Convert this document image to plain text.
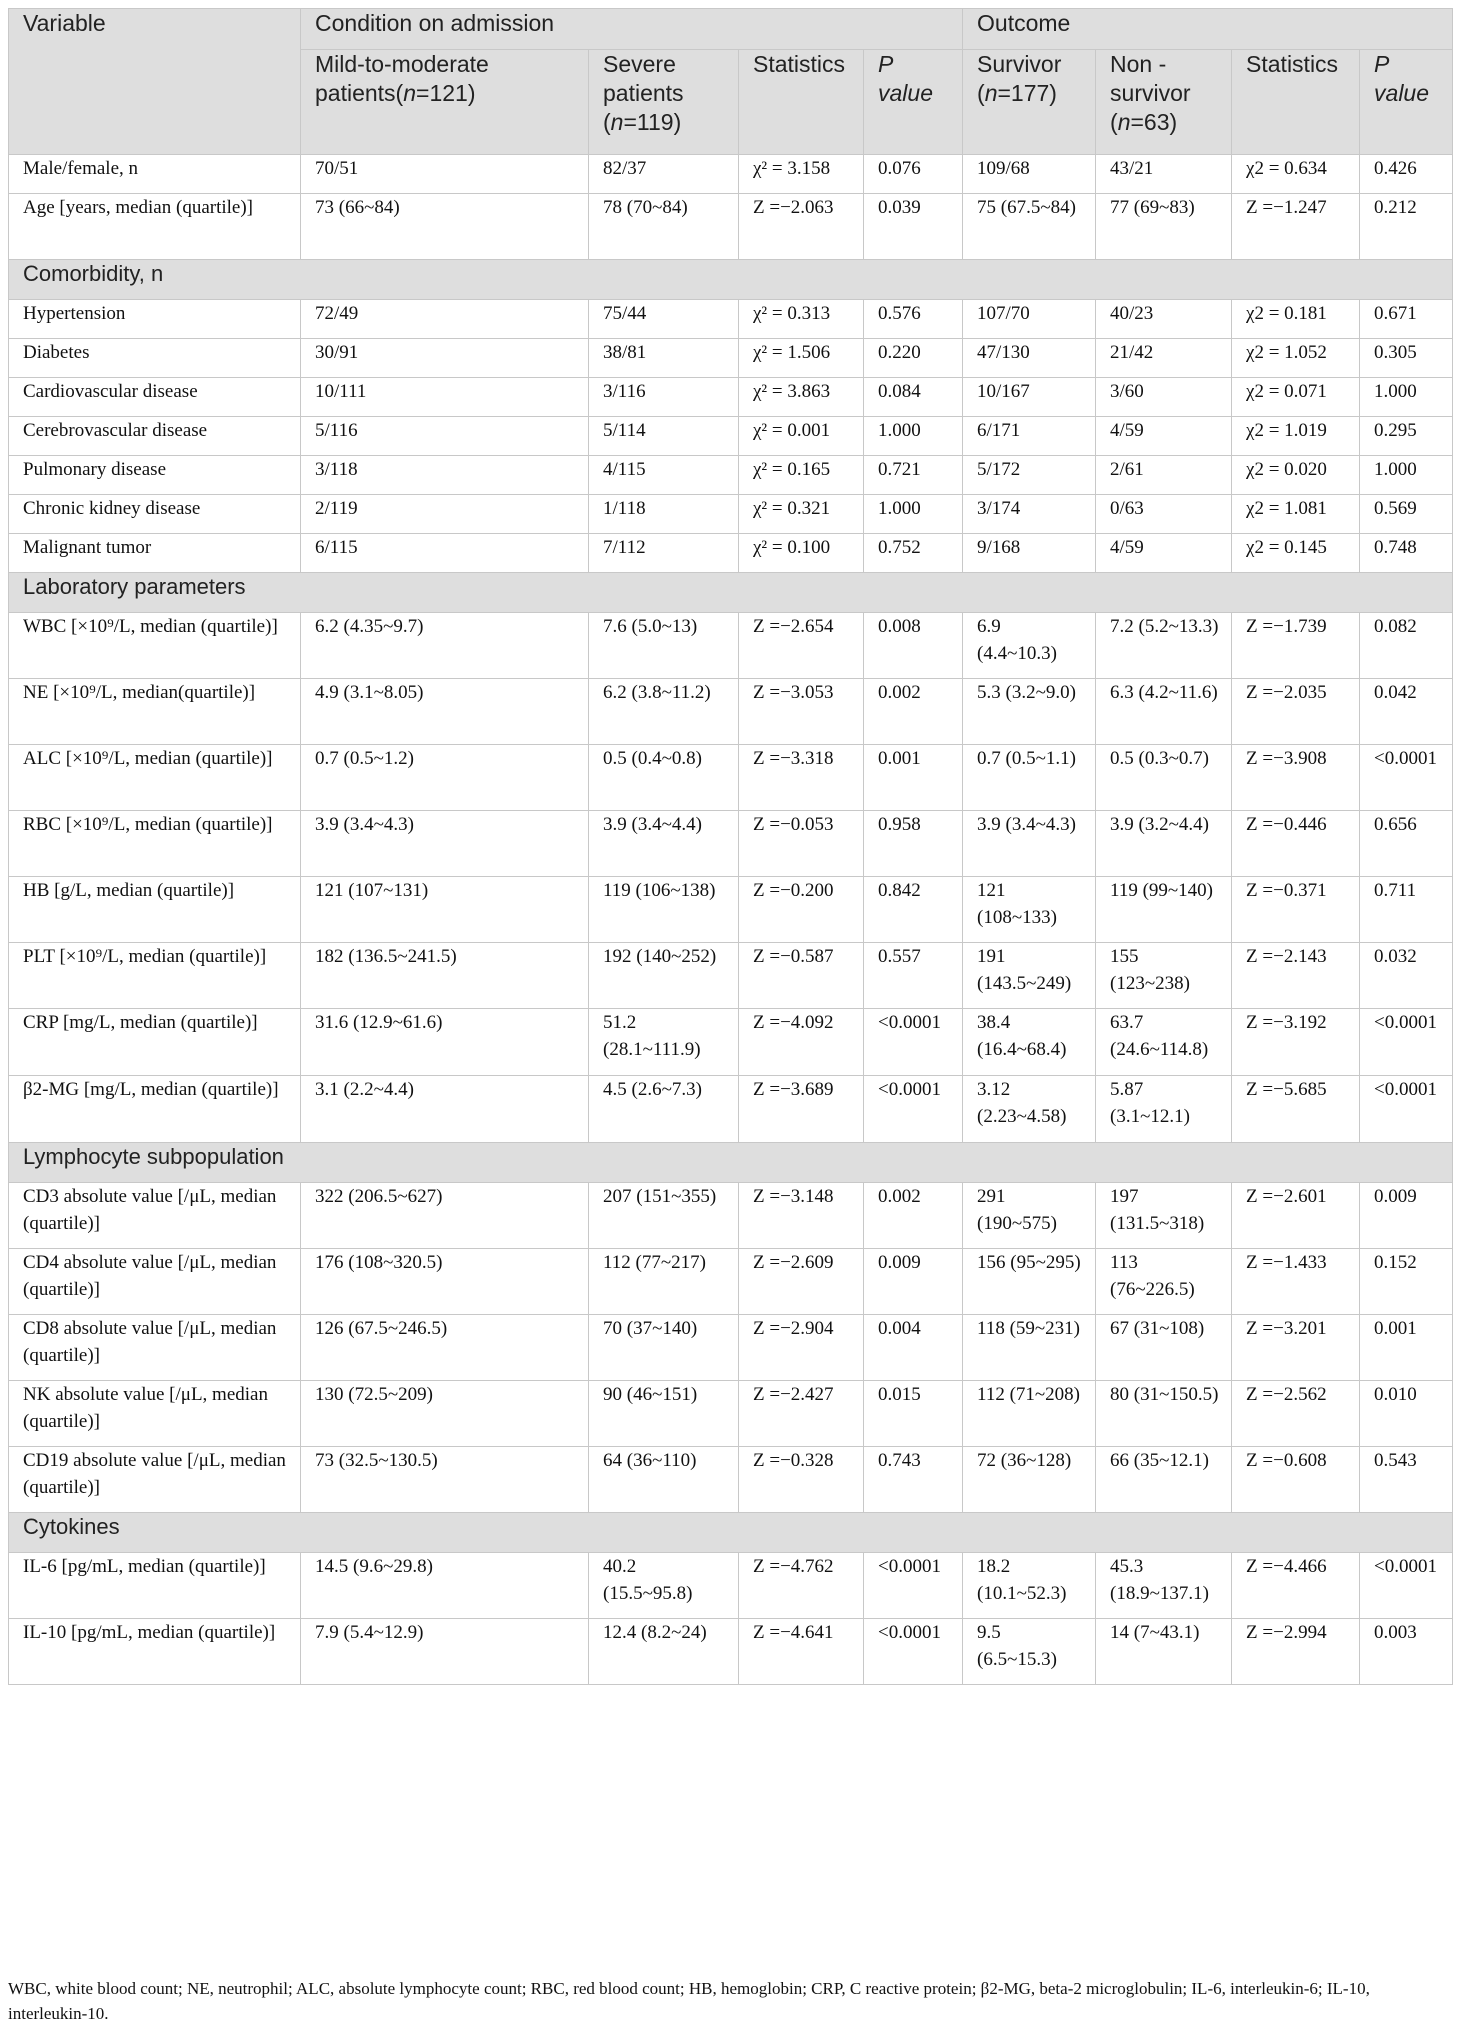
Variable	Condition on admission				Outcome			
	Mild-to-moderate patients(n=121)	Severe patients (n=119)	Statistics	P value	Survivor (n=177)	Non -survivor (n=63)	Statistics	P value
Male/female, n	70/51	82/37	χ² = 3.158	0.076	109/68	43/21	χ2 = 0.634	0.426
Age [years, median (quartile)]	73 (66~84)	78 (70~84)	Z =−2.063	0.039	75 (67.5~84)	77 (69~83)	Z =−1.247	0.212
Comorbidity, n								
Hypertension	72/49	75/44	χ² = 0.313	0.576	107/70	40/23	χ2 = 0.181	0.671
Diabetes	30/91	38/81	χ² = 1.506	0.220	47/130	21/42	χ2 = 1.052	0.305
Cardiovascular disease	10/111	3/116	χ² = 3.863	0.084	10/167	3/60	χ2 = 0.071	1.000
Cerebrovascular disease	5/116	5/114	χ² = 0.001	1.000	6/171	4/59	χ2 = 1.019	0.295
Pulmonary disease	3/118	4/115	χ² = 0.165	0.721	5/172	2/61	χ2 = 0.020	1.000
Chronic kidney disease	2/119	1/118	χ² = 0.321	1.000	3/174	0/63	χ2 = 1.081	0.569
Malignant tumor	6/115	7/112	χ² = 0.100	0.752	9/168	4/59	χ2 = 0.145	0.748
Laboratory parameters								
WBC [×10⁹/L, median (quartile)]	6.2 (4.35~9.7)	7.6 (5.0~13)	Z =−2.654	0.008	6.9 (4.4~10.3)	7.2 (5.2~13.3)	Z =−1.739	0.082
NE [×10⁹/L, median(quartile)]	4.9 (3.1~8.05)	6.2 (3.8~11.2)	Z =−3.053	0.002	5.3 (3.2~9.0)	6.3 (4.2~11.6)	Z =−2.035	0.042
ALC [×10⁹/L, median (quartile)]	0.7 (0.5~1.2)	0.5 (0.4~0.8)	Z =−3.318	0.001	0.7 (0.5~1.1)	0.5 (0.3~0.7)	Z =−3.908	<0.0001
RBC [×10⁹/L, median (quartile)]	3.9 (3.4~4.3)	3.9 (3.4~4.4)	Z =−0.053	0.958	3.9 (3.4~4.3)	3.9 (3.2~4.4)	Z =−0.446	0.656
HB [g/L, median (quartile)]	121 (107~131)	119 (106~138)	Z =−0.200	0.842	121 (108~133)	119 (99~140)	Z =−0.371	0.711
PLT [×10⁹/L, median (quartile)]	182 (136.5~241.5)	192 (140~252)	Z =−0.587	0.557	191 (143.5~249)	155 (123~238)	Z =−2.143	0.032
CRP [mg/L, median (quartile)]	31.6 (12.9~61.6)	51.2 (28.1~111.9)	Z =−4.092	<0.0001	38.4 (16.4~68.4)	63.7 (24.6~114.8)	Z =−3.192	<0.0001
β2-MG [mg/L, median (quartile)]	3.1 (2.2~4.4)	4.5 (2.6~7.3)	Z =−3.689	<0.0001	3.12 (2.23~4.58)	5.87 (3.1~12.1)	Z =−5.685	<0.0001
Lymphocyte subpopulation								
CD3 absolute value [/μL, median (quartile)]	322 (206.5~627)	207 (151~355)	Z =−3.148	0.002	291 (190~575)	197 (131.5~318)	Z =−2.601	0.009
CD4 absolute value [/μL, median (quartile)]	176 (108~320.5)	112 (77~217)	Z =−2.609	0.009	156 (95~295)	113 (76~226.5)	Z =−1.433	0.152
CD8 absolute value [/μL, median (quartile)]	126 (67.5~246.5)	70 (37~140)	Z =−2.904	0.004	118 (59~231)	67 (31~108)	Z =−3.201	0.001
NK absolute value [/μL, median (quartile)]	130 (72.5~209)	90 (46~151)	Z =−2.427	0.015	112 (71~208)	80 (31~150.5)	Z =−2.562	0.010
CD19 absolute value [/μL, median (quartile)]	73 (32.5~130.5)	64 (36~110)	Z =−0.328	0.743	72 (36~128)	66 (35~12.1)	Z =−0.608	0.543
Cytokines								
IL-6 [pg/mL, median (quartile)]	14.5 (9.6~29.8)	40.2 (15.5~95.8)	Z =−4.762	<0.0001	18.2 (10.1~52.3)	45.3 (18.9~137.1)	Z =−4.466	<0.0001
IL-10 [pg/mL, median (quartile)]	7.9 (5.4~12.9)	12.4 (8.2~24)	Z =−4.641	<0.0001	9.5 (6.5~15.3)	14 (7~43.1)	Z =−2.994	0.003
WBC, white blood count; NE, neutrophil; ALC, absolute lymphocyte count; RBC, red blood count; HB, hemoglobin; CRP, C reactive protein; β2-MG, beta-2 microglobulin; IL-6, interleukin-6; IL-10, interleukin-10.
